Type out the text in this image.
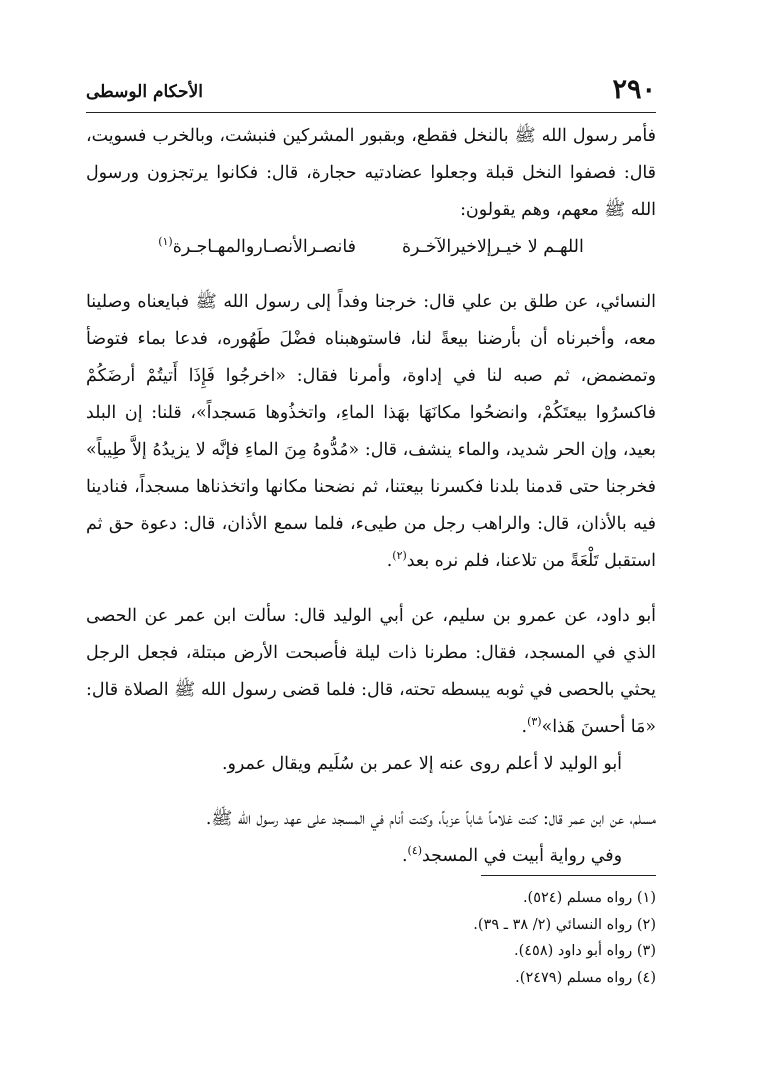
٢٩٠
الأحكام الوسطى

فأمر رسول الله ﷺ بالنخل فقطع، وبقبور المشركين فنبشت، وبالخرب فسويت، قال: فصفوا النخل قبلة وجعلوا عضادتيه حجارة، قال: فكانوا يرتجزون ورسول الله ﷺ معهم، وهم يقولون:

اللهـم لا خيـرإلاخيرالآخـرة
فانصـرالأنصـاروالمهـاجـرة$^{(١)}$

النسائي، عن طلق بن علي قال: خرجنا وفداً إلى رسول الله ﷺ فبايعناه وصلينا معه، وأخبرناه أن بأرضنا بيعةً لنا، فاستوهبناه فضْلَ طَهُوره، فدعا بماء فتوضأ وتمضمض، ثم صبه لنا في إداوة، وأمرنا فقال: «اخرجُوا فَإِذَا أَتيتُمْ أرضَكُمْ فاكسرُوا بيعتَكُمْ، وانضحُوا مكانَهَا بهَذا الماءِ، واتخذُوها مَسجداً»، قلنا: إن البلد بعيد، وإن الحر شديد، والماء ينشف، قال: «مُدُّوهُ مِنَ الماءِ فإنَّه لا يزيدُهُ إلاَّ طِيباً» فخرجنا حتى قدمنا بلدنا فكسرنا بيعتنا، ثم نضحنا مكانها واتخذناها مسجداً، فنادينا فيه بالأذان، قال: والراهب رجل من طيىء، فلما سمع الأذان، قال: دعوة حق ثم استقبل تَلْعَةً من تلاعنا، فلم نره بعد$^{(٢)}$.

أبو داود، عن عمرو بن سليم، عن أبي الوليد قال: سألت ابن عمر عن الحصى الذي في المسجد، فقال: مطرنا ذات ليلة فأصبحت الأرض مبتلة، فجعل الرجل يحثي بالحصى في ثوبه يبسطه تحته، قال: فلما قضى رسول الله ﷺ الصلاة قال: «مَا أحسنَ هَذا»$^{(٣)}$.

أبو الوليد لا أعلم روى عنه إلا عمر بن سُلَيم ويقال عمرو.

مسلم، عن ابن عمر قال: كنت غلاماً شاباً عزباً، وكنت أنام في المسجد على عهد رسول الله ﷺ.

وفي رواية أبيت في المسجد$^{(٤)}$.

(١) رواه مسلم (٥٢٤).
(٢) رواه النسائي (٢/ ٣٨ ـ ٣٩).
(٣) رواه أبو داود (٤٥٨).
(٤) رواه مسلم (٢٤٧٩).
